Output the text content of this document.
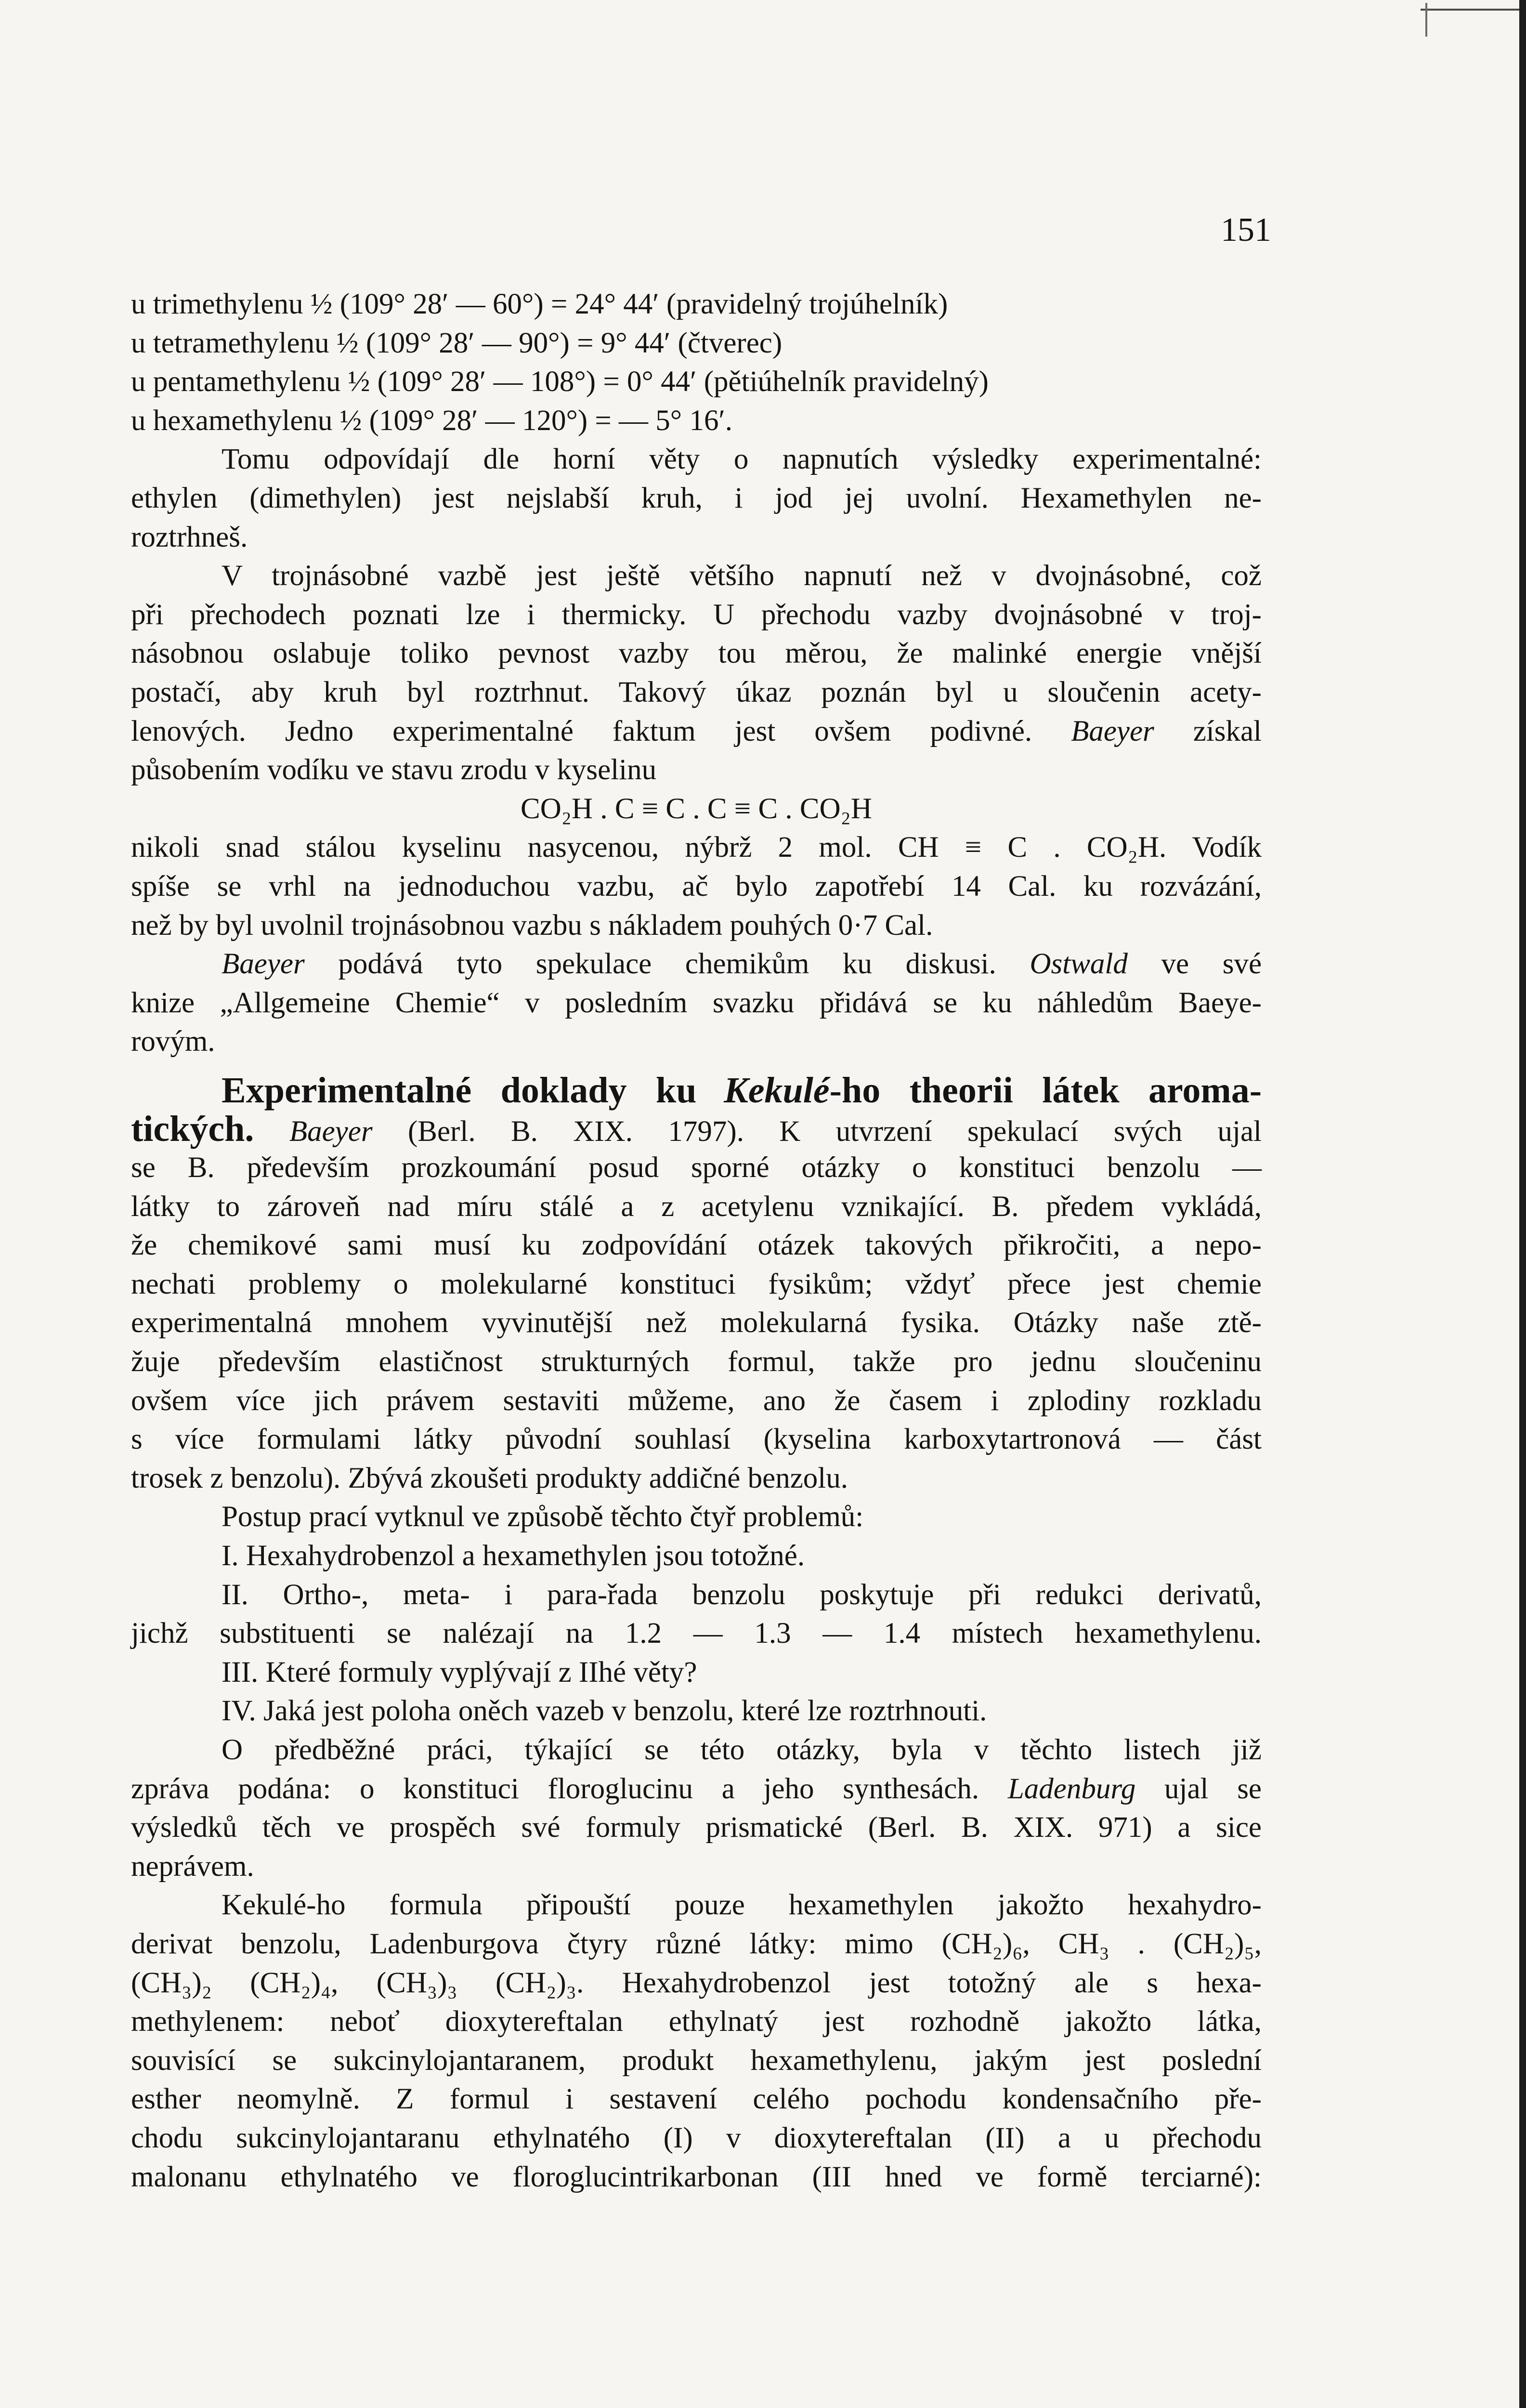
151
u trimethylenu ½ (109° 28′ — 60°) = 24° 44′ (pravidelný trojúhelník)
u tetramethylenu ½ (109° 28′ — 90°) = 9° 44′ (čtverec)
u pentamethylenu ½ (109° 28′ — 108°) = 0° 44′ (pětiúhelník pravidelný)
u hexamethylenu ½ (109° 28′ — 120°) = — 5° 16′.
Tomu odpovídají dle horní věty o napnutích výsledky experimentalné:
ethylen (dimethylen) jest nejslabší kruh, i jod jej uvolní. Hexamethylen ne-
roztrhneš.
V trojnásobné vazbě jest ještě většího napnutí než v dvojnásobné, což
při přechodech poznati lze i thermicky. U přechodu vazby dvojnásobné v troj-
násobnou oslabuje toliko pevnost vazby tou měrou, že malinké energie vnější
postačí, aby kruh byl roztrhnut. Takový úkaz poznán byl u sloučenin acety-
lenových. Jedno experimentalné faktum jest ovšem podivné. Baeyer získal
působením vodíku ve stavu zrodu v kyselinu
CO₂H . C ≡ C . C ≡ C . CO₂H
nikoli snad stálou kyselinu nasycenou, nýbrž 2 mol. CH ≡ C . CO₂H. Vodík
spíše se vrhl na jednoduchou vazbu, ač bylo zapotřebí 14 Cal. ku rozvázání,
než by byl uvolnil trojnásobnou vazbu s nákladem pouhých 0·7 Cal.
Baeyer podává tyto spekulace chemikům ku diskusi. Ostwald ve své
knize „Allgemeine Chemie“ v posledním svazku přidává se ku náhledům Baeye-
rovým.
Experimentalné doklady ku Kekulé-ho theorii látek aroma-
tických. Baeyer (Berl. B. XIX. 1797). K utvrzení spekulací svých ujal
se B. především prozkoumání posud sporné otázky o konstituci benzolu —
látky to zároveň nad míru stálé a z acetylenu vznikající. B. předem vykládá,
že chemikové sami musí ku zodpovídání otázek takových přikročiti, a nepo-
nechati problemy o molekularné konstituci fysikům; vždyť přece jest chemie
experimentalná mnohem vyvinutější než molekularná fysika. Otázky naše ztě-
žuje především elastičnost strukturných formul, takže pro jednu sloučeninu
ovšem více jich právem sestaviti můžeme, ano že časem i zplodiny rozkladu
s více formulami látky původní souhlasí (kyselina karboxytartronová — část
trosek z benzolu). Zbývá zkoušeti produkty addičné benzolu.
Postup prací vytknul ve způsobě těchto čtyř problemů:
I. Hexahydrobenzol a hexamethylen jsou totožné.
II. Ortho-, meta- i para-řada benzolu poskytuje při redukci derivatů,
jichž substituenti se nalézají na 1.2 — 1.3 — 1.4 místech hexamethylenu.
III. Které formuly vyplývají z IIhé věty?
IV. Jaká jest poloha oněch vazeb v benzolu, které lze roztrhnouti.
O předběžné práci, týkající se této otázky, byla v těchto listech již
zpráva podána: o konstituci floroglucinu a jeho synthesách. Ladenburg ujal se
výsledků těch ve prospěch své formuly prismatické (Berl. B. XIX. 971) a sice
neprávem.
Kekulé-ho formula připouští pouze hexamethylen jakožto hexahydro-
derivat benzolu, Ladenburgova čtyry různé látky: mimo (CH₂)₆, CH₃ . (CH₂)₅,
(CH₃)₂ (CH₂)₄, (CH₃)₃ (CH₂)₃. Hexahydrobenzol jest totožný ale s hexa-
methylenem: neboť dioxytereftalan ethylnatý jest rozhodně jakožto látka,
souvisící se sukcinylojantaranem, produkt hexamethylenu, jakým jest poslední
esther neomylně. Z formul i sestavení celého pochodu kondensačního pře-
chodu sukcinylojantaranu ethylnatého (I) v dioxytereftalan (II) a u přechodu
malonanu ethylnatého ve floroglucintrikarbonan (III hned ve formě terciarné):
